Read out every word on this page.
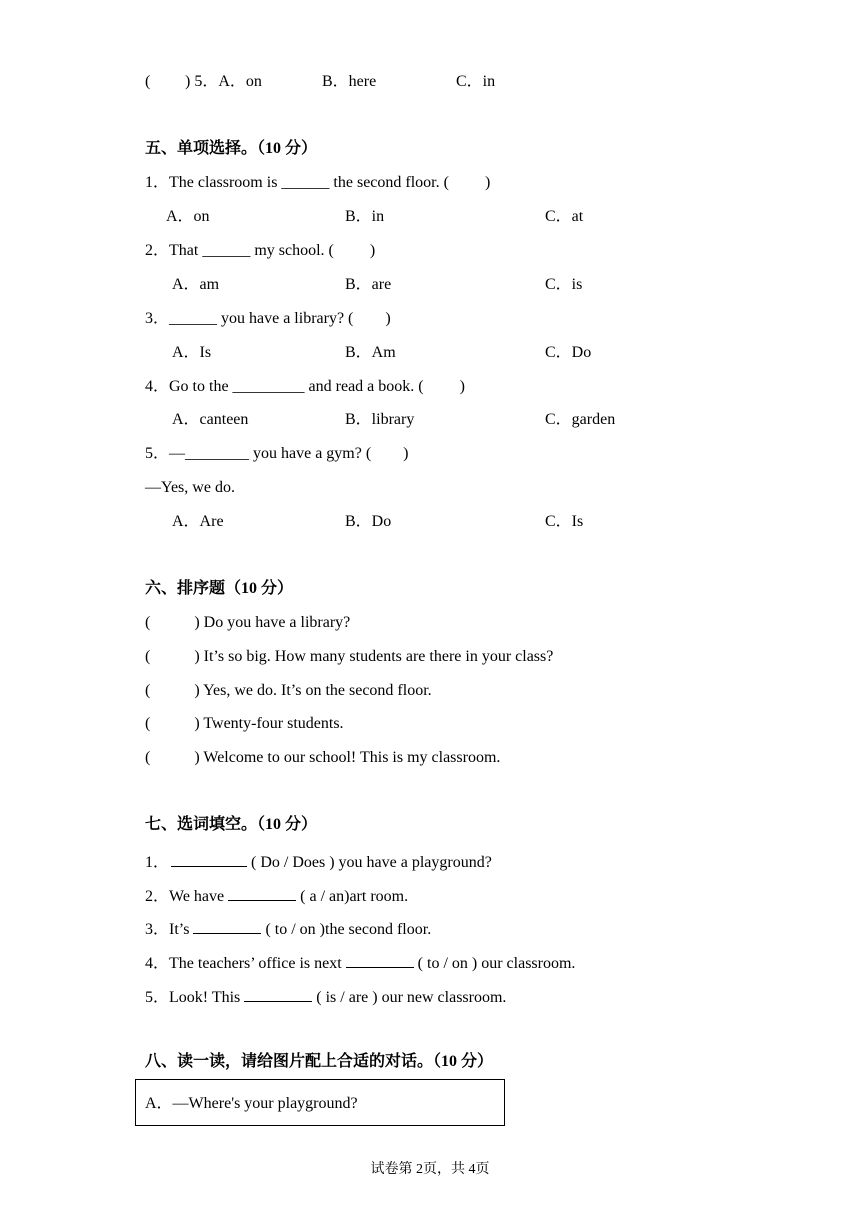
( ) 5．A．on	B．here	C．in
五、单项选择。（10 分）
1．The classroom is ______ the second floor. (         )
A．on	B．in	C．at
2．That ______ my school. (         )
A．am	B．are	C．is
3．______ you have a library? (        )
A．Is	B．Am	C．Do
4．Go to the _________ and read a book. (         )
A．canteen	B．library	C．garden
5．—________ you have a gym? (        )
—Yes, we do.
A．Are	B．Do	C．Is
六、排序题（10 分）
(           ) Do you have a library?
(           ) It’s so big. How many students are there in your class?
(           ) Yes, we do. It’s on the second floor.
(           ) Twenty-four students.
(           ) Welcome to our school! This is my classroom.
七、选词填空。（10 分）
1．	( Do / Does ) you have a playground?
2．We have	( a / an)art room.
3．It’s	( to / on )the second floor.
4．The teachers’ office is next	( to / on ) our classroom.
5．Look! This	( is / are ) our new classroom.
八、读一读，请给图片配上合适的对话。（10 分）
A．—Where's your playground?
试卷第 2页，共 4页
